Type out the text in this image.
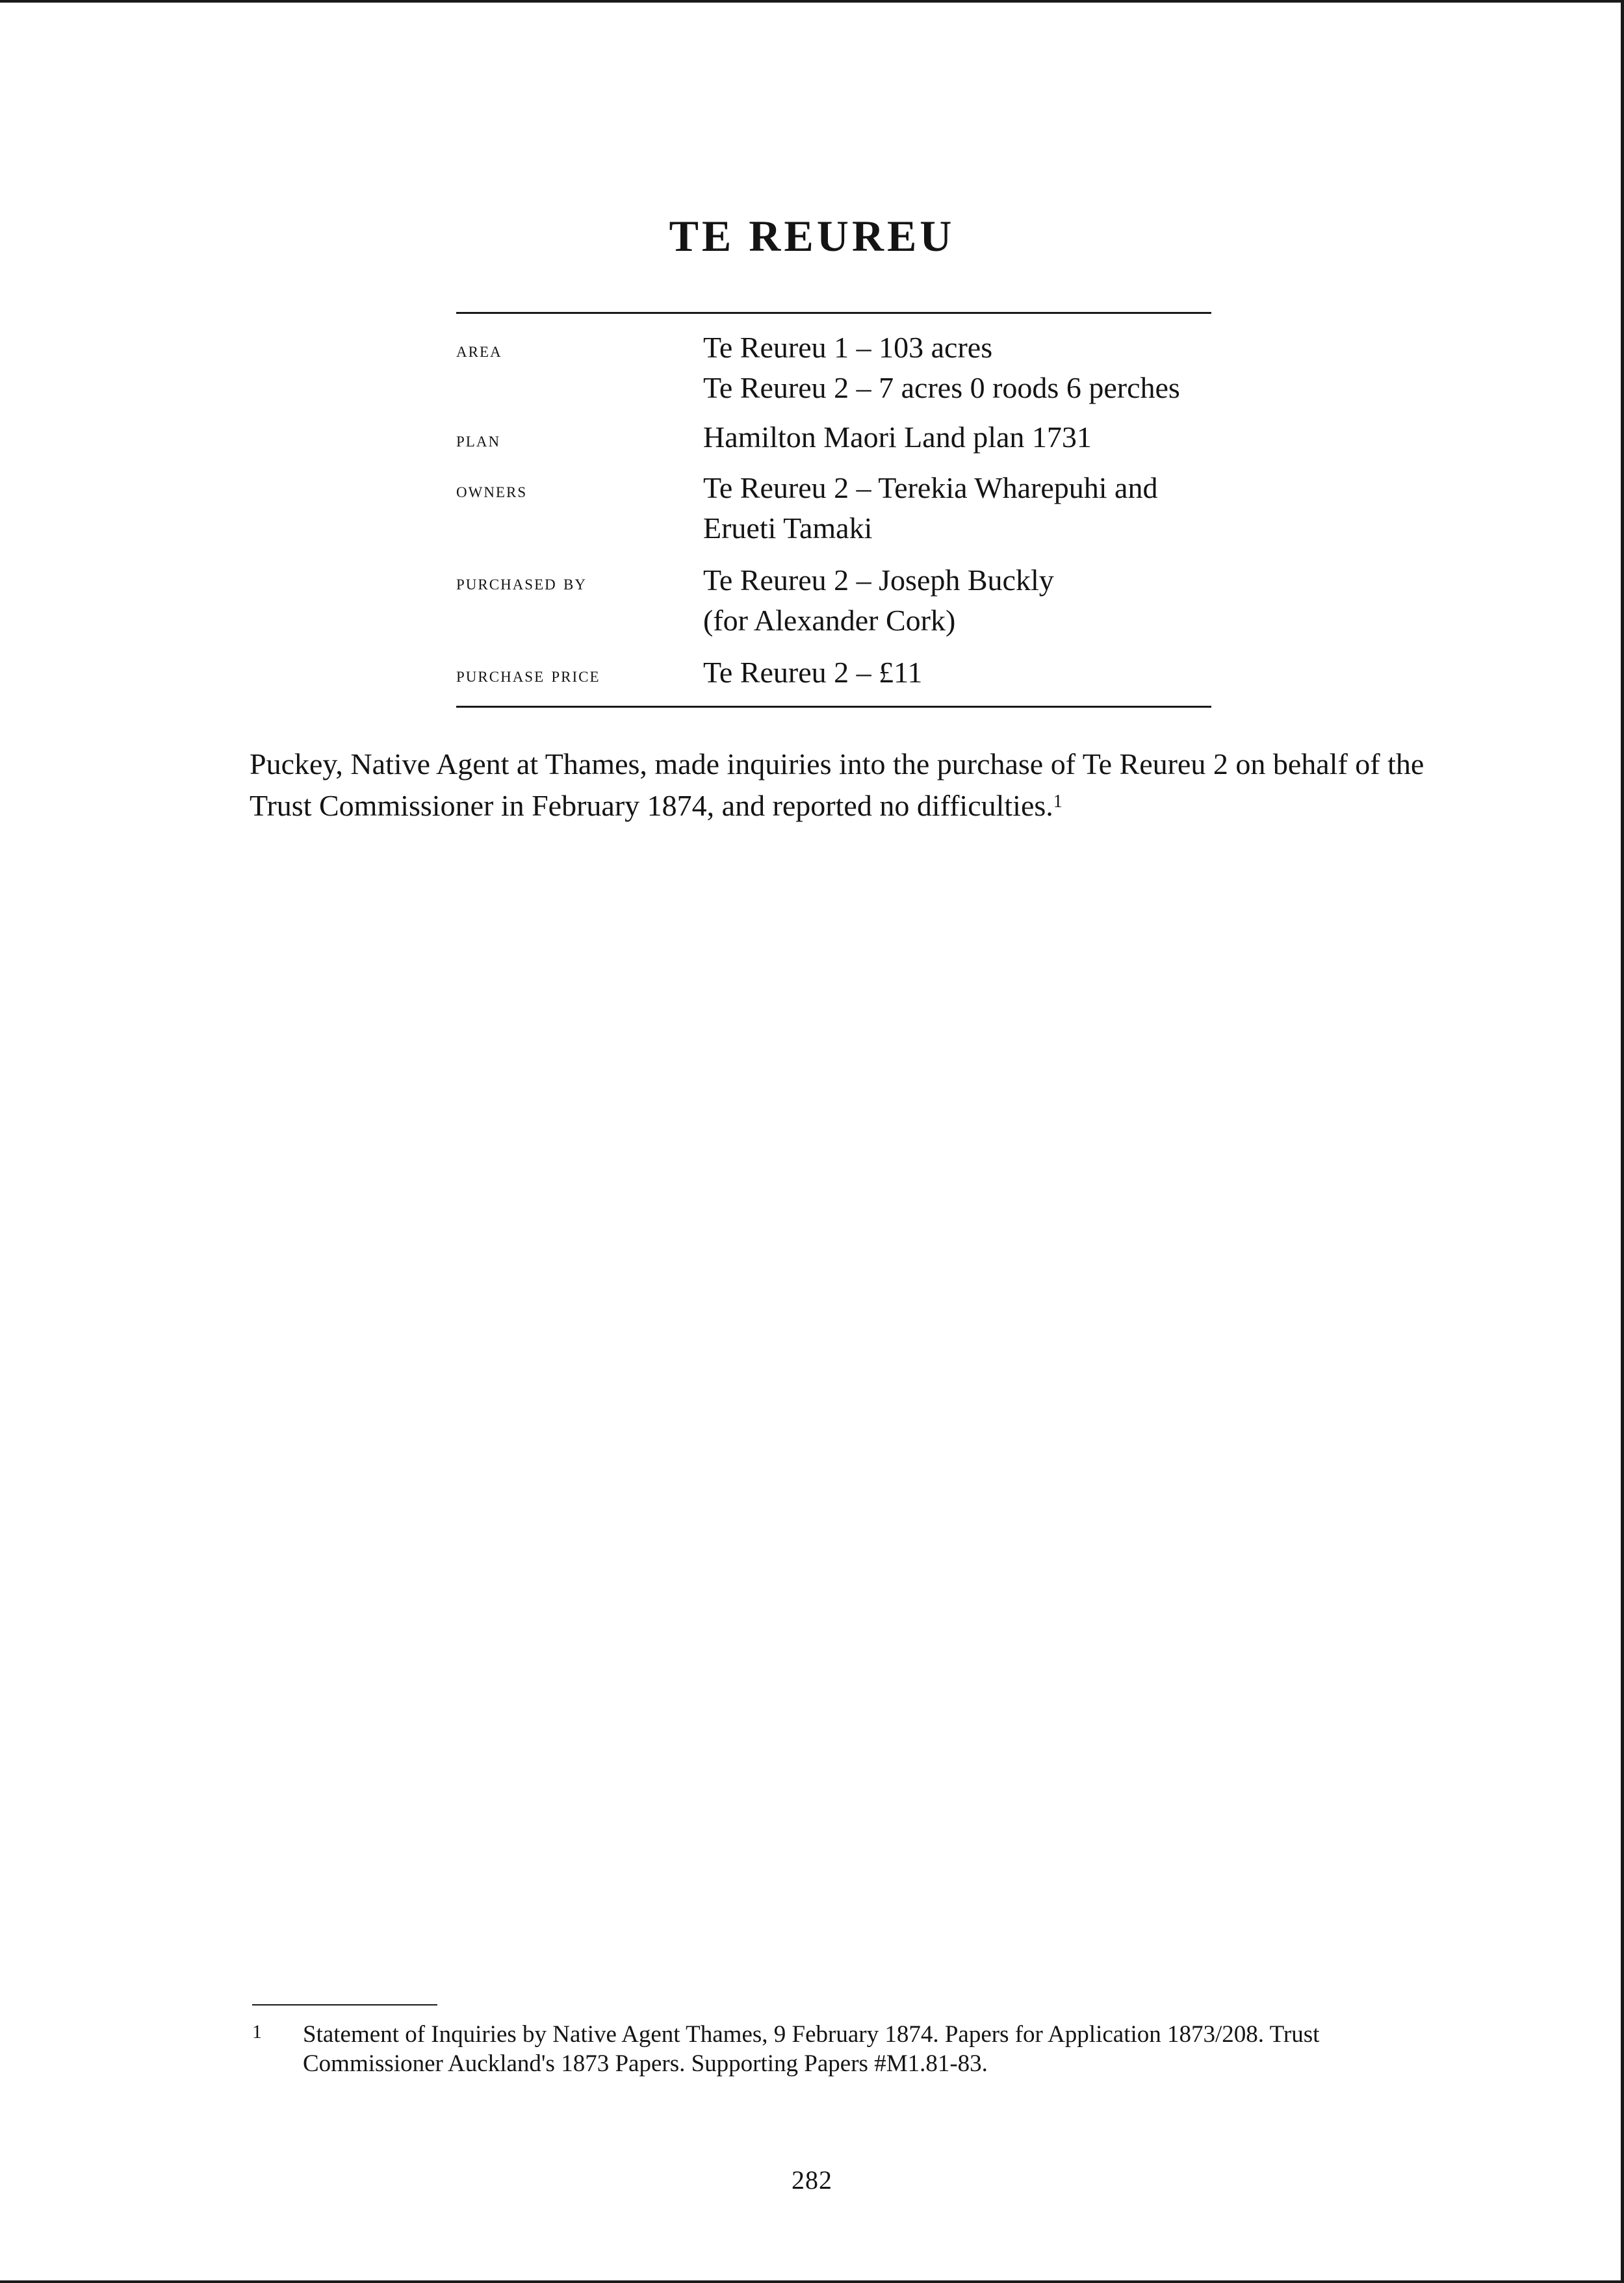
TE REUREU
area	Te Reureu 1 – 103 acres
Te Reureu 2 – 7 acres 0 roods 6 perches
plan	Hamilton Maori Land plan 1731
owners	Te Reureu 2 – Terekia Wharepuhi and
Erueti Tamaki
purchased by	Te Reureu 2 – Joseph Buckly
(for Alexander Cork)
purchase price	Te Reureu 2 – £11

Puckey, Native Agent at Thames, made inquiries into the purchase of Te Reureu 2 on behalf of the Trust Commissioner in February 1874, and reported no difficulties.$^1$

1 Statement of Inquiries by Native Agent Thames, 9 February 1874. Papers for Application 1873/208. Trust Commissioner Auckland's 1873 Papers. Supporting Papers #M1.81-83.
282
